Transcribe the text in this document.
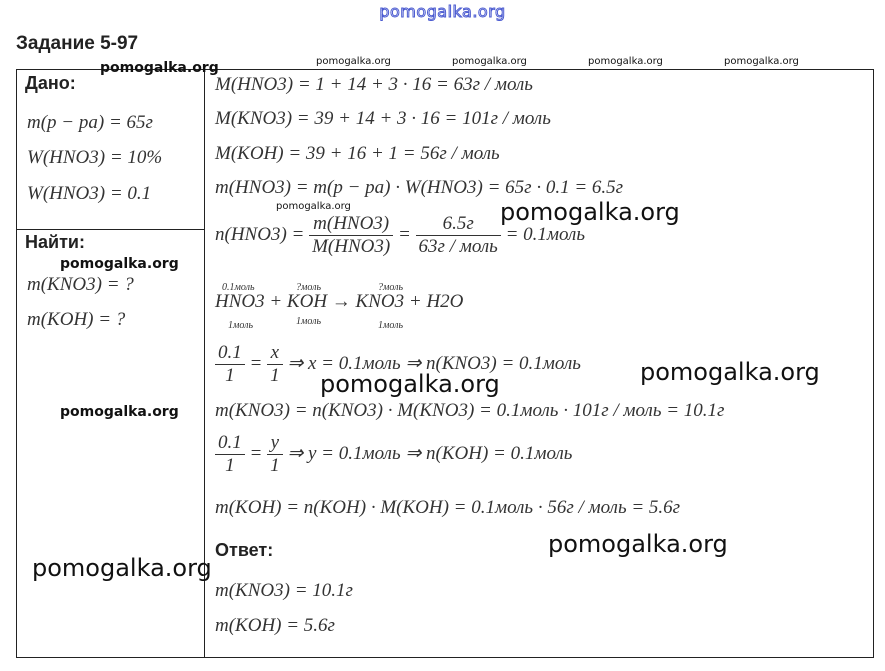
pomogalka.org
Задание 5-97
pomogalka.org	pomogalka.org	pomogalka.org	pomogalka.org
Дано:
pomogalka.org
m(р − ра) = 65г
W(HNO3) = 10%
W(HNO3) = 0.1
Найти:
pomogalka.org
m(KNO3) = ?
m(KOH) = ?
pomogalka.org
pomogalka.org
M(HNO3) = 1 + 14 + 3 · 16 = 63г / моль
M(KNO3) = 39 + 14 + 3 · 16 = 101г / моль
M(KOH) = 39 + 16 + 1 = 56г / моль
m(HNO3) = m(р − ра) · W(HNO3) = 65г · 0.1 = 6.5г
pomogalka.org
$n(HNO3) = \frac{\text{m(HNO3)}}{\text{M(HNO3)}} = \frac{6.5г}{\text{63г / моль}}$ = 0.1моль
pomogalka.org
0.1моль	?моль	?моль
HNO3 + KOH → KNO3 + H2O
1моль	1моль	1моль
$\frac{0.1}{1} = \frac{x}{1}$ ⇒ x = 0.1моль ⇒ n(KNO3) = 0.1моль pomogalka.org
pomogalka.org
m(KNO3) = n(KNO3) · M(KNO3) = 0.1моль · 101г / моль = 10.1г
$\frac{0.1}{1} = \frac{y}{1}$ ⇒ y = 0.1моль ⇒ n(KOH) = 0.1моль
m(KOH) = n(KOH) · M(KOH) = 0.1моль · 56г / моль = 5.6г
Ответ:	pomogalka.org
m(KNO3) = 10.1г
m(KOH) = 5.6г
